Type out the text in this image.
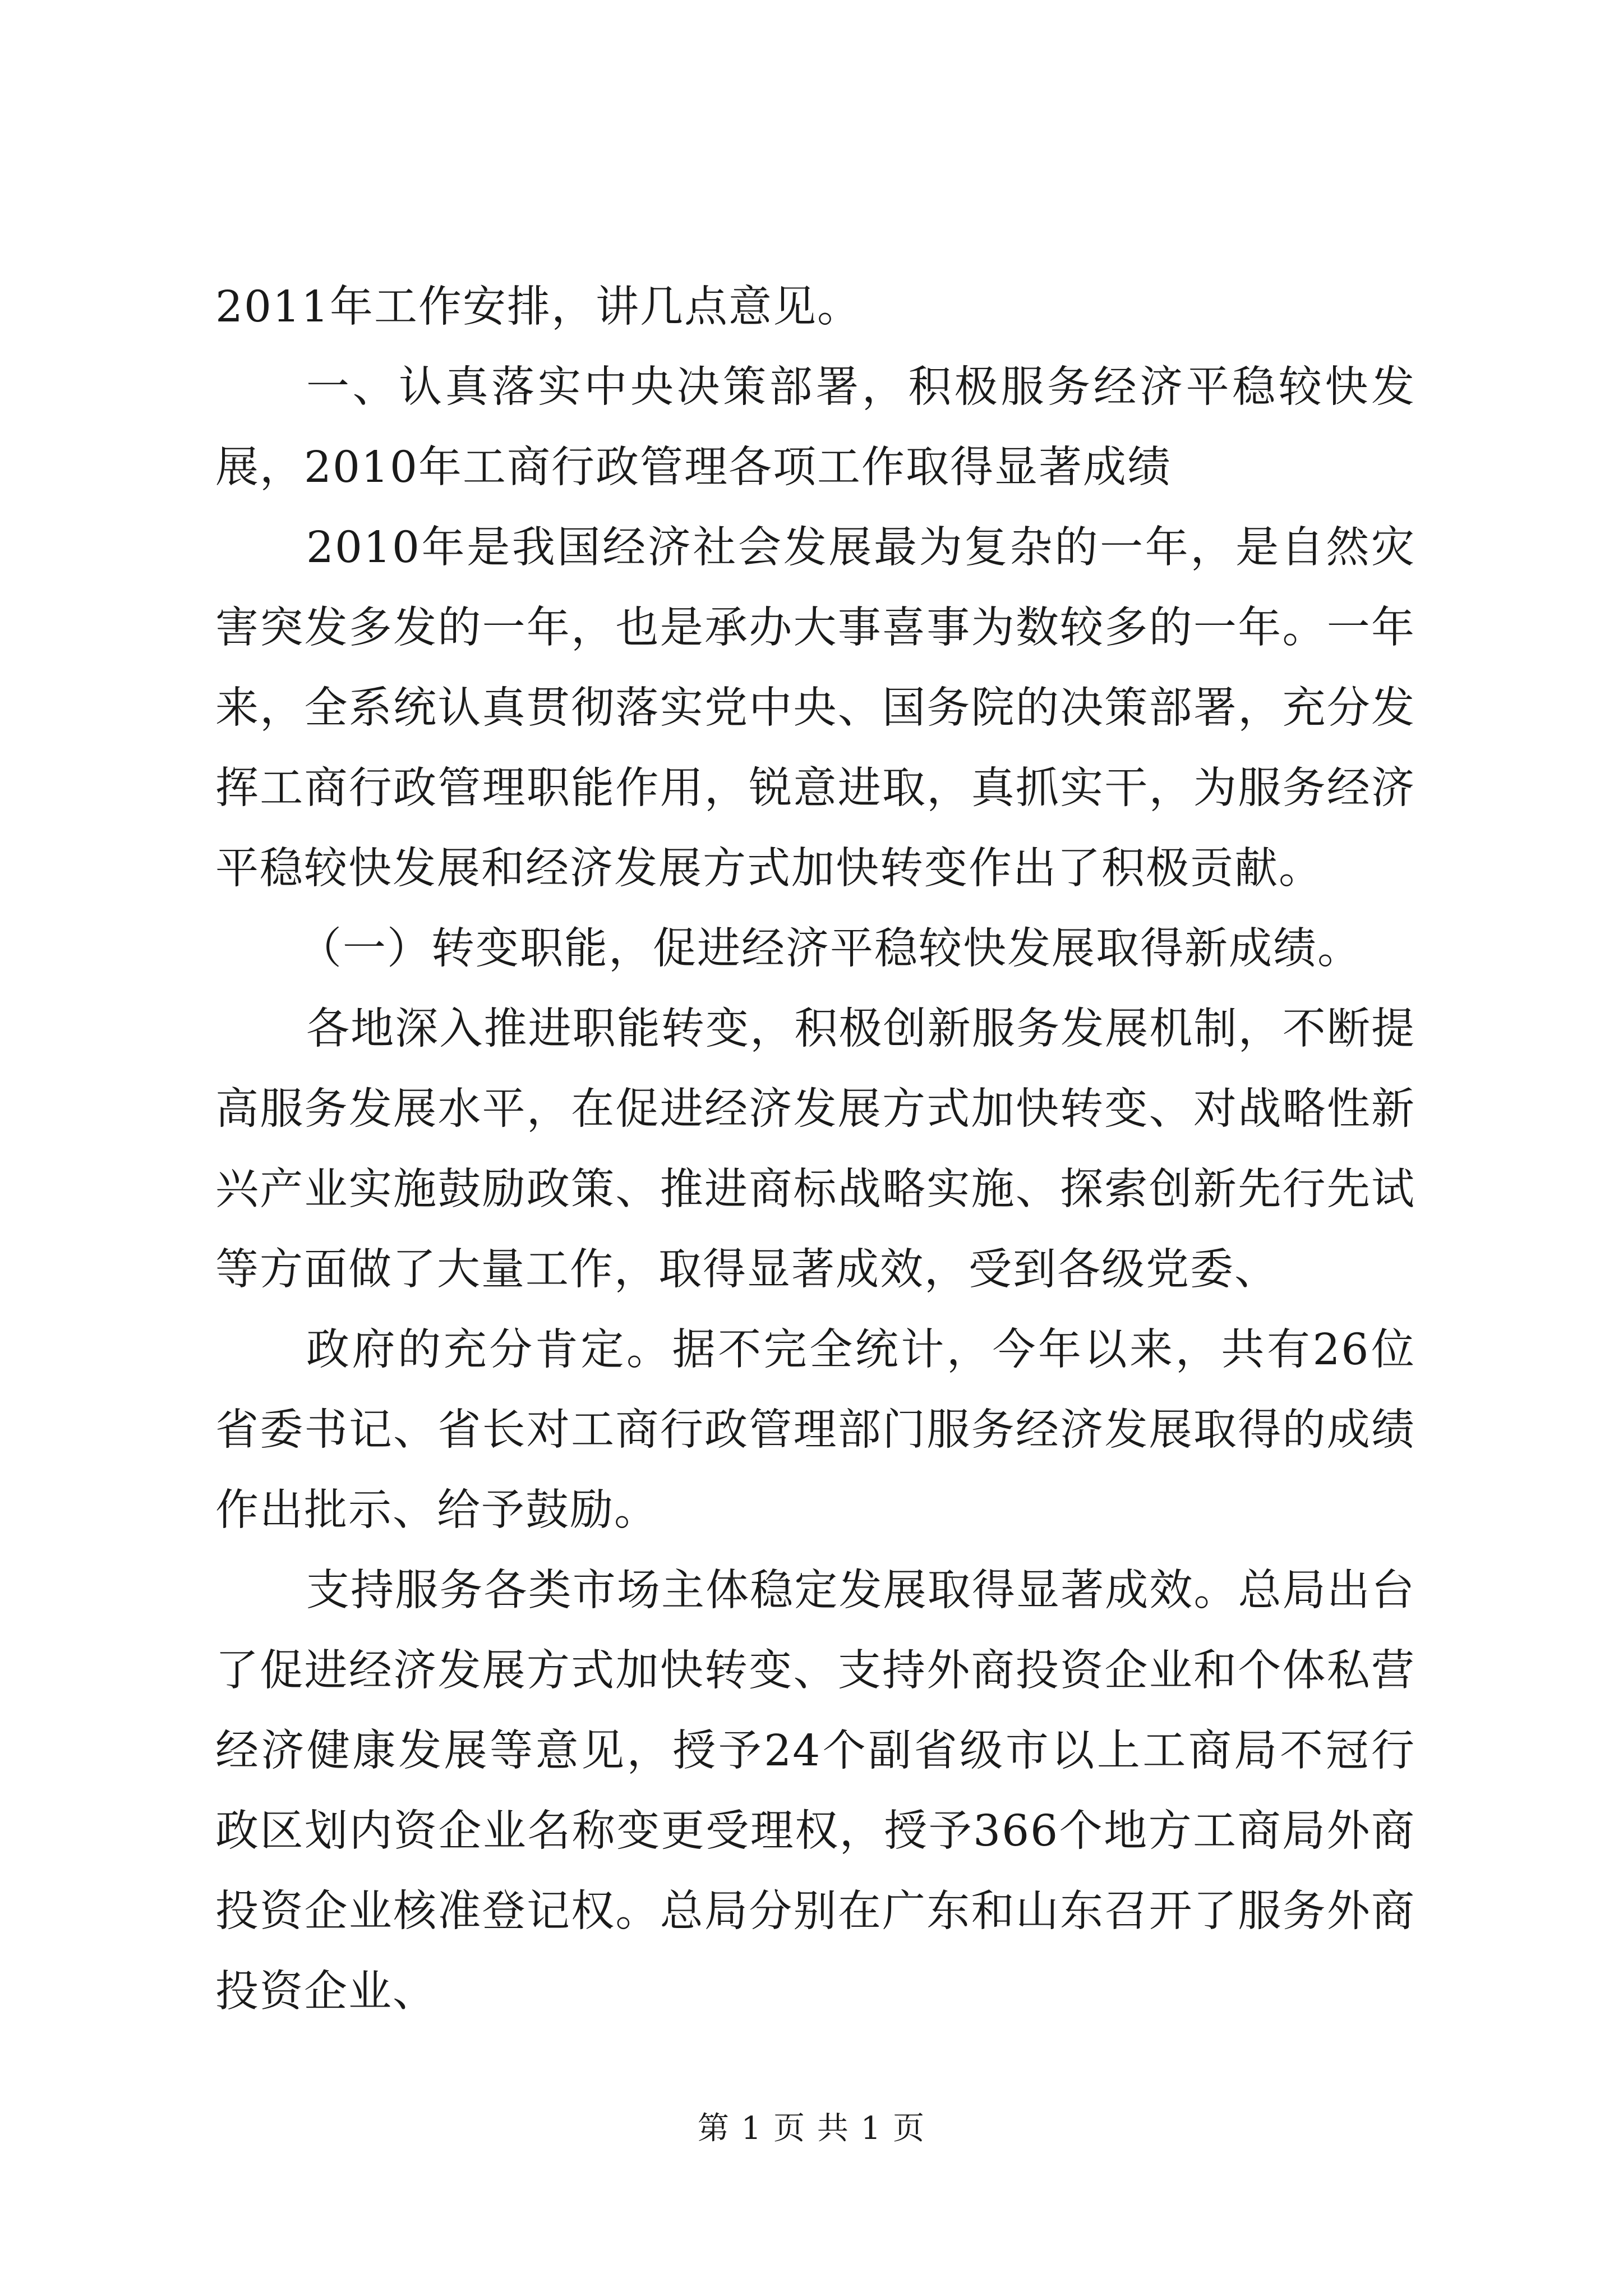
2011年工作安排，讲几点意见。

一、认真落实中央决策部署，积极服务经济平稳较快发展，2010年工商行政管理各项工作取得显著成绩

2010年是我国经济社会发展最为复杂的一年，是自然灾害突发多发的一年，也是承办大事喜事为数较多的一年。一年来，全系统认真贯彻落实党中央、国务院的决策部署，充分发挥工商行政管理职能作用，锐意进取，真抓实干，为服务经济平稳较快发展和经济发展方式加快转变作出了积极贡献。

（一）转变职能，促进经济平稳较快发展取得新成绩。

各地深入推进职能转变，积极创新服务发展机制，不断提高服务发展水平，在促进经济发展方式加快转变、对战略性新兴产业实施鼓励政策、推进商标战略实施、探索创新先行先试等方面做了大量工作，取得显著成效，受到各级党委、

政府的充分肯定。据不完全统计，今年以来，共有26位省委书记、省长对工商行政管理部门服务经济发展取得的成绩作出批示、给予鼓励。

支持服务各类市场主体稳定发展取得显著成效。总局出台了促进经济发展方式加快转变、支持外商投资企业和个体私营经济健康发展等意见，授予24个副省级市以上工商局不冠行政区划内资企业名称变更受理权，授予366个地方工商局外商投资企业核准登记权。总局分别在广东和山东召开了服务外商投资企业、

第 1 页 共 1 页
